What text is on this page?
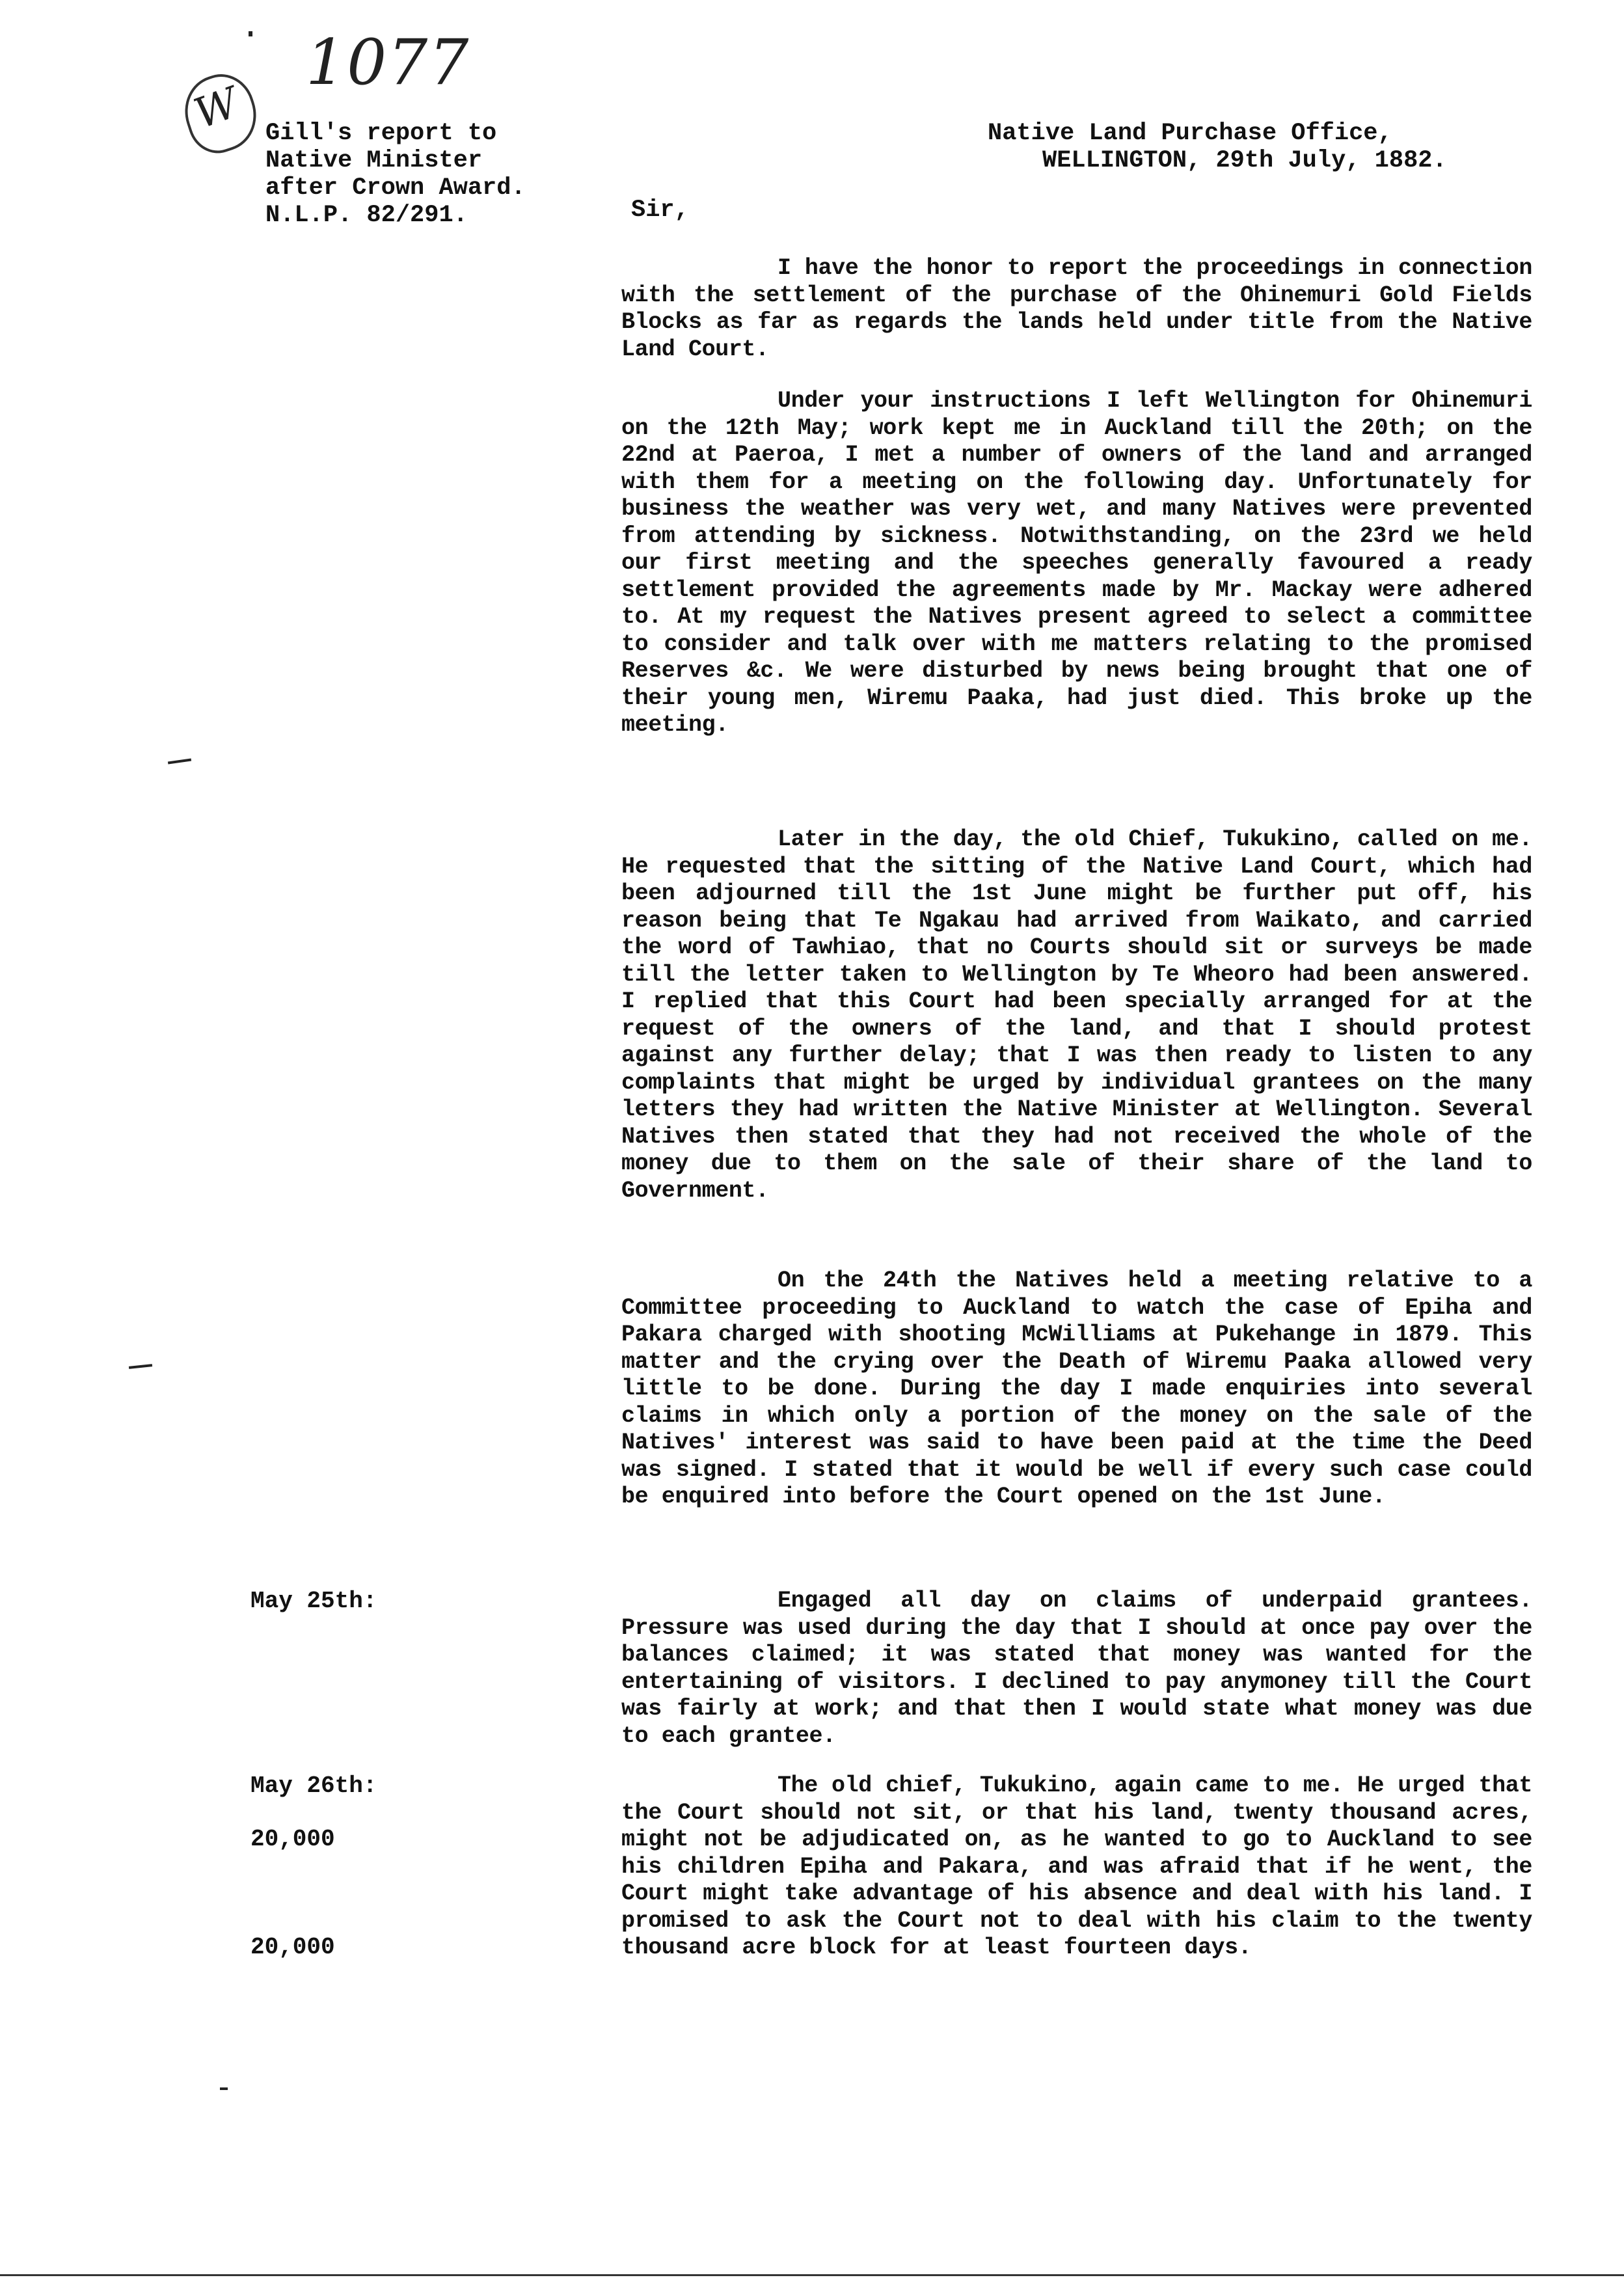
W
1077
Gill's report to
Native Minister
after Crown Award.
N.L.P. 82/291.
Native Land Purchase Office,
WELLINGTON, 29th July, 1882.
Sir,

I have the honor to report the proceedings in connection with the settlement of the purchase of the Ohinemuri Gold Fields Blocks as far as regards the lands held under title from the Native Land Court.

Under your instructions I left Wellington for Ohinemuri on the 12th May; work kept me in Auckland till the 20th; on the 22nd at Paeroa, I met a number of owners of the land and arranged with them for a meeting on the following day. Unfortunately for business the weather was very wet, and many Natives were prevented from attending by sickness. Notwithstanding, on the 23rd we held our first meeting and the speeches generally favoured a ready settlement provided the agreements made by Mr. Mackay were adhered to. At my request the Natives present agreed to select a committee to consider and talk over with me matters relating to the promised Reserves &c. We were disturbed by news being brought that one of their young men, Wiremu Paaka, had just died. This broke up the meeting.

Later in the day, the old Chief, Tukukino, called on me. He requested that the sitting of the Native Land Court, which had been adjourned till the 1st June might be further put off, his reason being that Te Ngakau had arrived from Waikato, and carried the word of Tawhiao, that no Courts should sit or surveys be made till the letter taken to Wellington by Te Wheoro had been answered. I replied that this Court had been specially arranged for at the request of the owners of the land, and that I should protest against any further delay; that I was then ready to listen to any complaints that might be urged by individual grantees on the many letters they had written the Native Minister at Wellington. Several Natives then stated that they had not received the whole of the money due to them on the sale of their share of the land to Government.

On the 24th the Natives held a meeting relative to a Committee proceeding to Auckland to watch the case of Epiha and Pakara charged with shooting McWilliams at Pukehange in 1879. This matter and the crying over the Death of Wiremu Paaka allowed very little to be done. During the day I made enquiries into several claims in which only a portion of the money on the sale of the Natives' interest was said to have been paid at the time the Deed was signed. I stated that it would be well if every such case could be enquired into before the Court opened on the 1st June.

Engaged all day on claims of underpaid grantees. Pressure was used during the day that I should at once pay over the balances claimed; it was stated that money was wanted for the entertaining of visitors. I declined to pay anymoney till the Court was fairly at work; and that then I would state what money was due to each grantee.

The old chief, Tukukino, again came to me. He urged that the Court should not sit, or that his land, twenty thousand acres, might not be adjudicated on, as he wanted to go to Auckland to see his children Epiha and Pakara, and was afraid that if he went, the Court might take advantage of his absence and deal with his land. I promised to ask the Court not to deal with his claim to the twenty thousand acre block for at least fourteen days.

May 25th:
May 26th:
20,000
20,000
